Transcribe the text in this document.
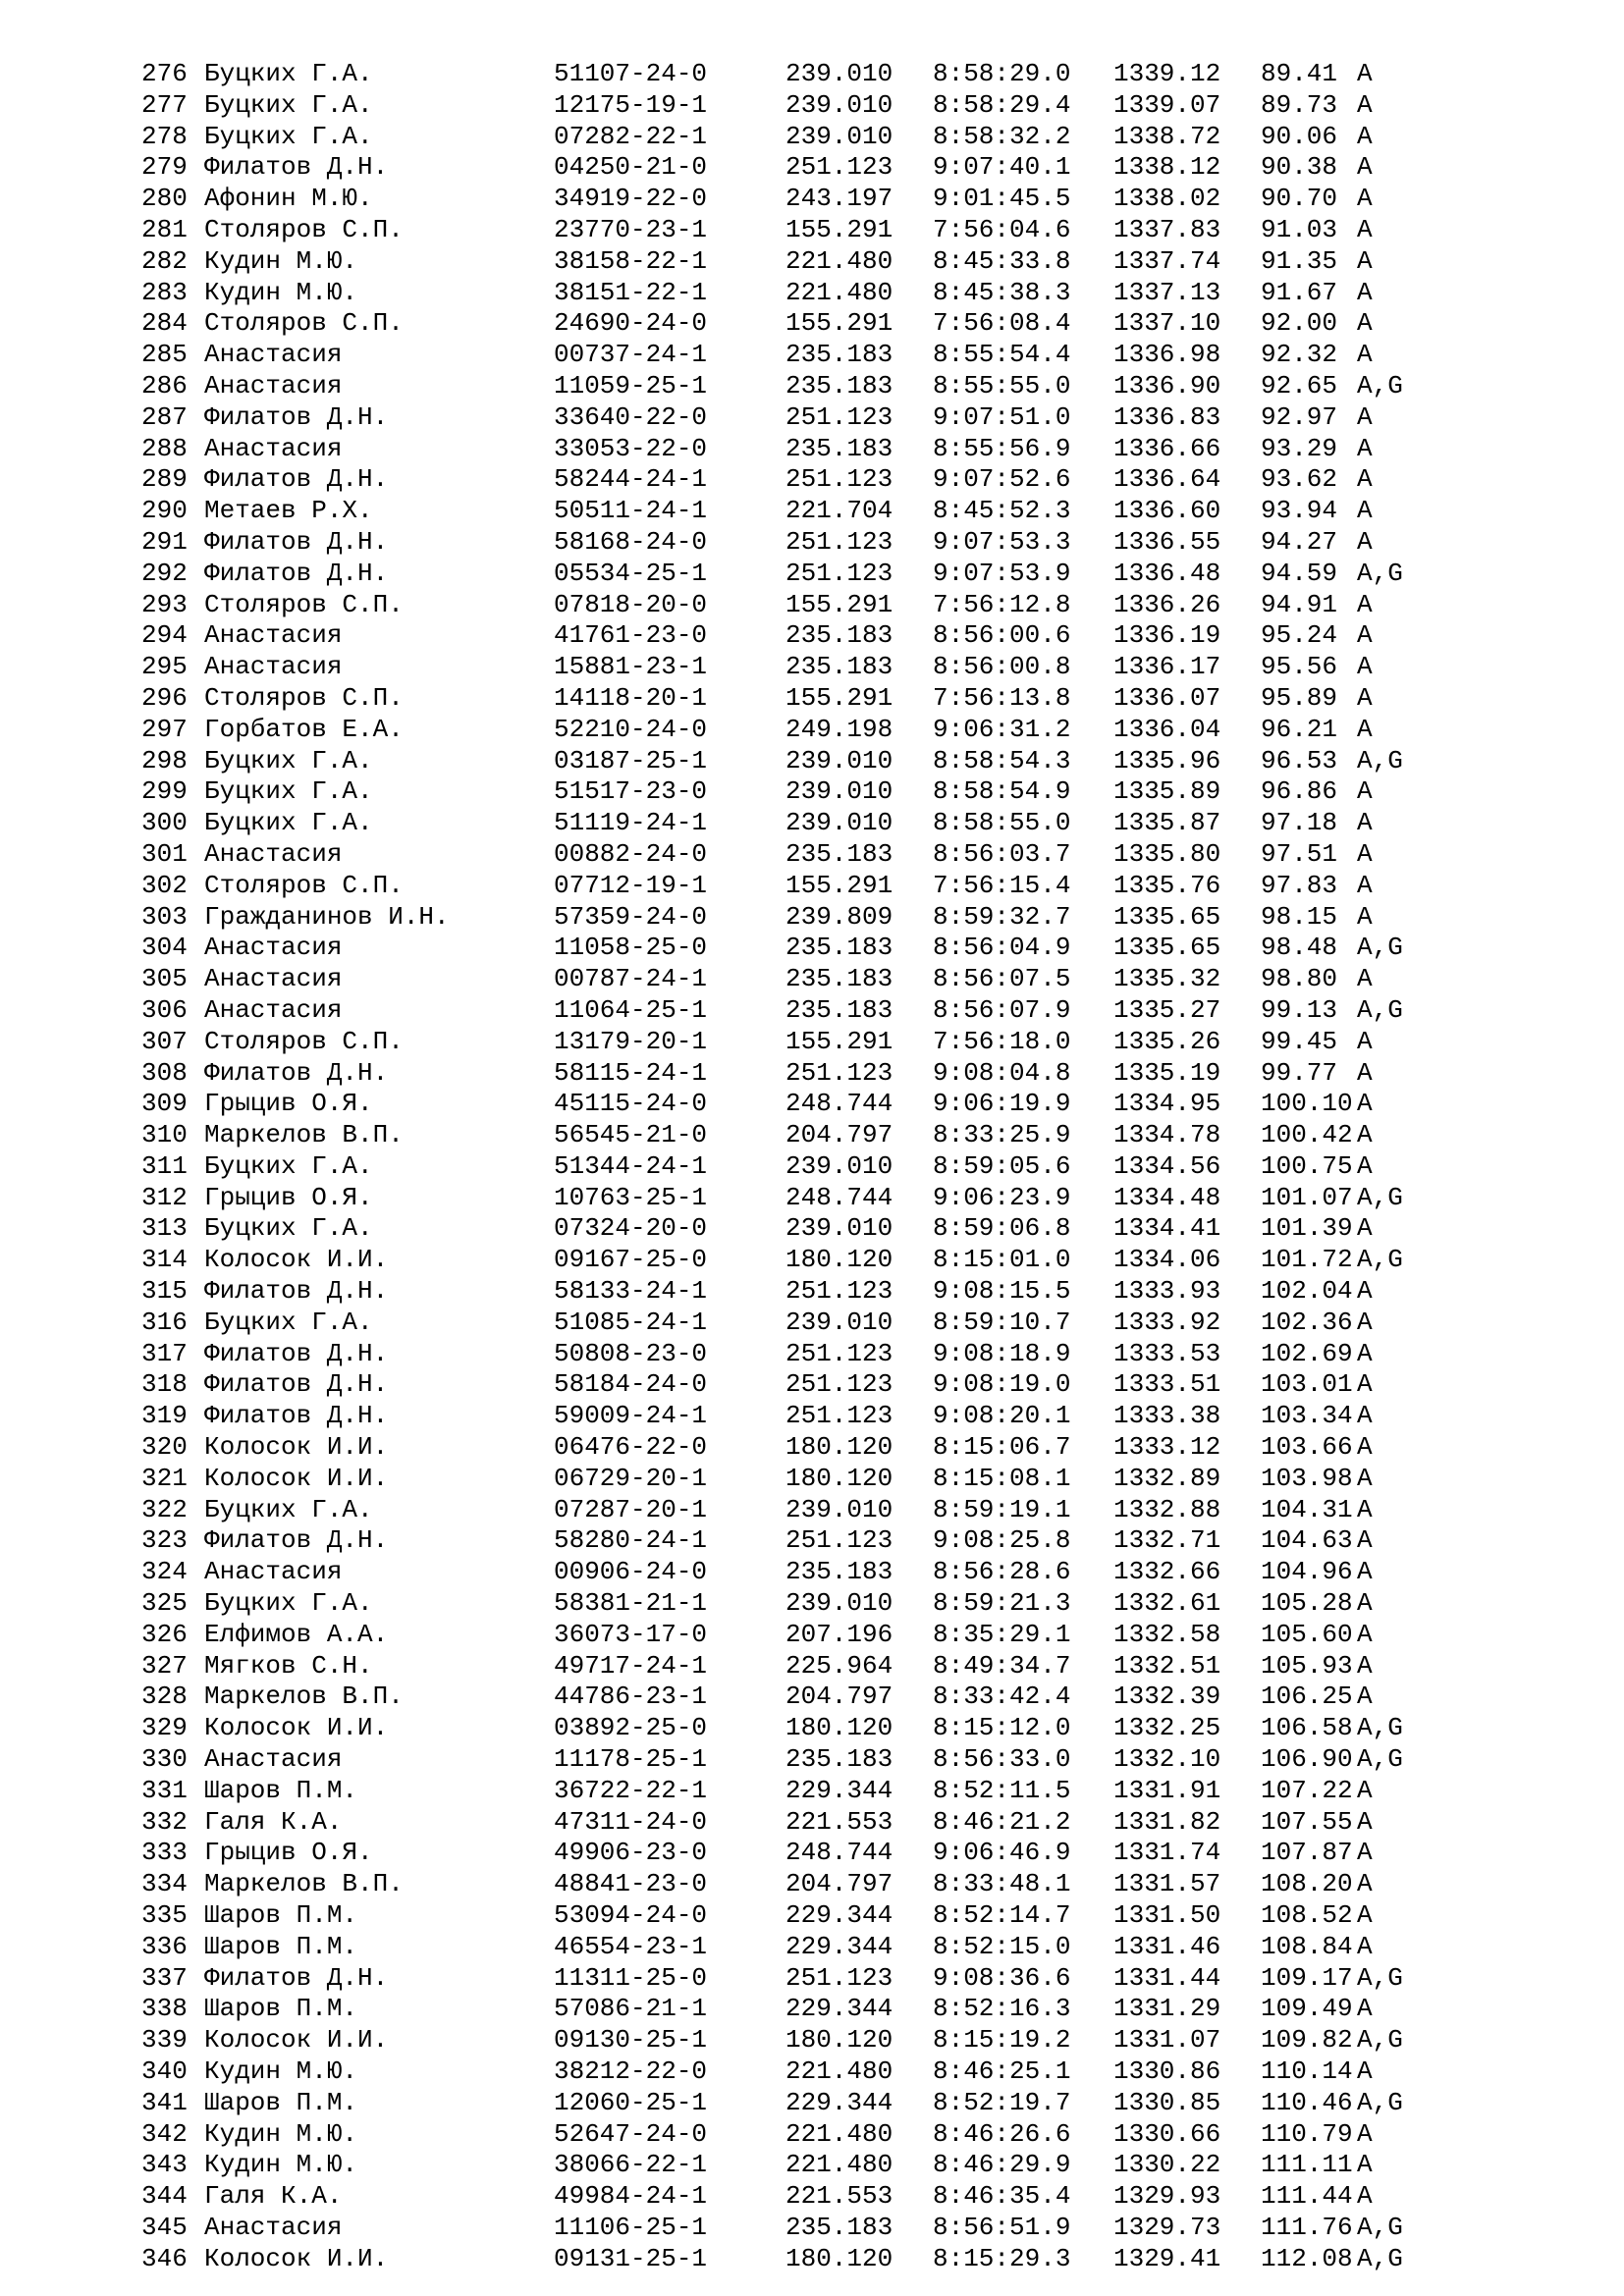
276 Буцких Г.А.	51107-24-0	239.010 8:58:29.0 1339.12 89.41 A
277 Буцких Г.А.	12175-19-1	239.010 8:58:29.4 1339.07 89.73 A
278 Буцких Г.А.	07282-22-1	239.010 8:58:32.2 1338.72 90.06 A
279 Филатов Д.Н.	04250-21-0	251.123 9:07:40.1 1338.12 90.38 A
280 Афонин М.Ю.	34919-22-0	243.197 9:01:45.5 1338.02 90.70 A
281 Столяров С.П.	23770-23-1	155.291 7:56:04.6 1337.83 91.03 A
282 Кудин М.Ю.	38158-22-1	221.480 8:45:33.8 1337.74 91.35 A
283 Кудин М.Ю.	38151-22-1	221.480 8:45:38.3 1337.13 91.67 A
284 Столяров С.П.	24690-24-0	155.291 7:56:08.4 1337.10 92.00 A
285 Анастасия	00737-24-1	235.183 8:55:54.4 1336.98 92.32 A
286 Анастасия	11059-25-1	235.183 8:55:55.0 1336.90 92.65 A,G
287 Филатов Д.Н.	33640-22-0	251.123 9:07:51.0 1336.83 92.97 A
288 Анастасия	33053-22-0	235.183 8:55:56.9 1336.66 93.29 A
289 Филатов Д.Н.	58244-24-1	251.123 9:07:52.6 1336.64 93.62 A
290 Метаев Р.Х.	50511-24-1	221.704 8:45:52.3 1336.60 93.94 A
291 Филатов Д.Н.	58168-24-0	251.123 9:07:53.3 1336.55 94.27 A
292 Филатов Д.Н.	05534-25-1	251.123 9:07:53.9 1336.48 94.59 A,G
293 Столяров С.П.	07818-20-0	155.291 7:56:12.8 1336.26 94.91 A
294 Анастасия	41761-23-0	235.183 8:56:00.6 1336.19 95.24 A
295 Анастасия	15881-23-1	235.183 8:56:00.8 1336.17 95.56 A
296 Столяров С.П.	14118-20-1	155.291 7:56:13.8 1336.07 95.89 A
297 Горбатов Е.А.	52210-24-0	249.198 9:06:31.2 1336.04 96.21 A
298 Буцких Г.А.	03187-25-1	239.010 8:58:54.3 1335.96 96.53 A,G
299 Буцких Г.А.	51517-23-0	239.010 8:58:54.9 1335.89 96.86 A
300 Буцких Г.А.	51119-24-1	239.010 8:58:55.0 1335.87 97.18 A
301 Анастасия	00882-24-0	235.183 8:56:03.7 1335.80 97.51 A
302 Столяров С.П.	07712-19-1	155.291 7:56:15.4 1335.76 97.83 A
303 Гражданинов И.Н.	57359-24-0	239.809 8:59:32.7 1335.65 98.15 A
304 Анастасия	11058-25-0	235.183 8:56:04.9 1335.65 98.48 A,G
305 Анастасия	00787-24-1	235.183 8:56:07.5 1335.32 98.80 A
306 Анастасия	11064-25-1	235.183 8:56:07.9 1335.27 99.13 A,G
307 Столяров С.П.	13179-20-1	155.291 7:56:18.0 1335.26 99.45 A
308 Филатов Д.Н.	58115-24-1	251.123 9:08:04.8 1335.19 99.77 A
309 Грыцив О.Я.	45115-24-0	248.744 9:06:19.9 1334.95 100.10 A
310 Маркелов В.П.	56545-21-0	204.797 8:33:25.9 1334.78 100.42 A
311 Буцких Г.А.	51344-24-1	239.010 8:59:05.6 1334.56 100.75 A
312 Грыцив О.Я.	10763-25-1	248.744 9:06:23.9 1334.48 101.07 A,G
313 Буцких Г.А.	07324-20-0	239.010 8:59:06.8 1334.41 101.39 A
314 Колосок И.И.	09167-25-0	180.120 8:15:01.0 1334.06 101.72 A,G
315 Филатов Д.Н.	58133-24-1	251.123 9:08:15.5 1333.93 102.04 A
316 Буцких Г.А.	51085-24-1	239.010 8:59:10.7 1333.92 102.36 A
317 Филатов Д.Н.	50808-23-0	251.123 9:08:18.9 1333.53 102.69 A
318 Филатов Д.Н.	58184-24-0	251.123 9:08:19.0 1333.51 103.01 A
319 Филатов Д.Н.	59009-24-1	251.123 9:08:20.1 1333.38 103.34 A
320 Колосок И.И.	06476-22-0	180.120 8:15:06.7 1333.12 103.66 A
321 Колосок И.И.	06729-20-1	180.120 8:15:08.1 1332.89 103.98 A
322 Буцких Г.А.	07287-20-1	239.010 8:59:19.1 1332.88 104.31 A
323 Филатов Д.Н.	58280-24-1	251.123 9:08:25.8 1332.71 104.63 A
324 Анастасия	00906-24-0	235.183 8:56:28.6 1332.66 104.96 A
325 Буцких Г.А.	58381-21-1	239.010 8:59:21.3 1332.61 105.28 A
326 Елфимов А.А.	36073-17-0	207.196 8:35:29.1 1332.58 105.60 A
327 Мягков С.Н.	49717-24-1	225.964 8:49:34.7 1332.51 105.93 A
328 Маркелов В.П.	44786-23-1	204.797 8:33:42.4 1332.39 106.25 A
329 Колосок И.И.	03892-25-0	180.120 8:15:12.0 1332.25 106.58 A,G
330 Анастасия	11178-25-1	235.183 8:56:33.0 1332.10 106.90 A,G
331 Шаров П.М.	36722-22-1	229.344 8:52:11.5 1331.91 107.22 A
332 Галя К.А.	47311-24-0	221.553 8:46:21.2 1331.82 107.55 A
333 Грыцив О.Я.	49906-23-0	248.744 9:06:46.9 1331.74 107.87 A
334 Маркелов В.П.	48841-23-0	204.797 8:33:48.1 1331.57 108.20 A
335 Шаров П.М.	53094-24-0	229.344 8:52:14.7 1331.50 108.52 A
336 Шаров П.М.	46554-23-1	229.344 8:52:15.0 1331.46 108.84 A
337 Филатов Д.Н.	11311-25-0	251.123 9:08:36.6 1331.44 109.17 A,G
338 Шаров П.М.	57086-21-1	229.344 8:52:16.3 1331.29 109.49 A
339 Колосок И.И.	09130-25-1	180.120 8:15:19.2 1331.07 109.82 A,G
340 Кудин М.Ю.	38212-22-0	221.480 8:46:25.1 1330.86 110.14 A
341 Шаров П.М.	12060-25-1	229.344 8:52:19.7 1330.85 110.46 A,G
342 Кудин М.Ю.	52647-24-0	221.480 8:46:26.6 1330.66 110.79 A
343 Кудин М.Ю.	38066-22-1	221.480 8:46:29.9 1330.22 111.11 A
344 Галя К.А.	49984-24-1	221.553 8:46:35.4 1329.93 111.44 A
345 Анастасия	11106-25-1	235.183 8:56:51.9 1329.73 111.76 A,G
346 Колосок И.И.	09131-25-1	180.120 8:15:29.3 1329.41 112.08 A,G
